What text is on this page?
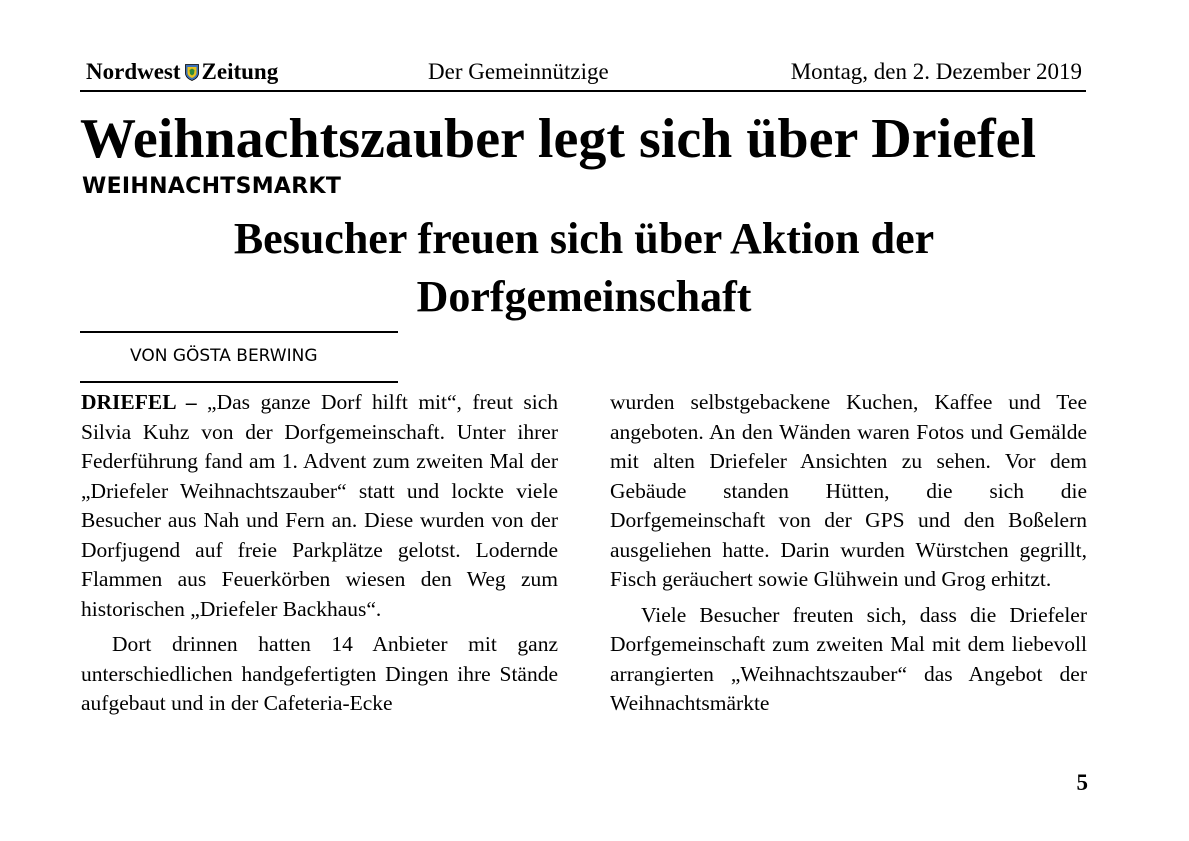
Nordwest Zeitung	Der Gemeinnützige	Montag, den 2. Dezember 2019
Weihnachtszauber legt sich über Driefel
WEIHNACHTSMARKT
Besucher freuen sich über Aktion der Dorfgemeinschaft

VON GÖSTA BERWING

DRIEFEL – „Das ganze Dorf hilft mit“, freut sich Silvia Kuhz von der Dorfgemeinschaft. Unter ihrer Federführung fand am 1. Advent zum zweiten Mal der „Driefeler Weihnachtszauber“ statt und lockte viele Besucher aus Nah und Fern an. Diese wurden von der Dorfjugend auf freie Parkplätze gelotst. Lodernde Flammen aus Feuerkörben wiesen den Weg zum historischen „Driefeler Backhaus“.

Dort drinnen hatten 14 Anbieter mit ganz unterschiedlichen handgefertigten Dingen ihre Stände aufgebaut und in der Cafeteria-Ecke

wurden selbstgebackene Kuchen, Kaffee und Tee angeboten. An den Wänden waren Fotos und Gemälde mit alten Driefeler Ansichten zu sehen. Vor dem Gebäude standen Hütten, die sich die Dorfgemeinschaft von der GPS und den Boßelern ausgeliehen hatte. Darin wurden Würstchen gegrillt, Fisch geräuchert sowie Glühwein und Grog erhitzt.

Viele Besucher freuten sich, dass die Driefeler Dorfgemeinschaft zum zweiten Mal mit dem liebevoll arrangierten „Weihnachtszauber“ das Angebot der Weihnachtsmärkte

5
